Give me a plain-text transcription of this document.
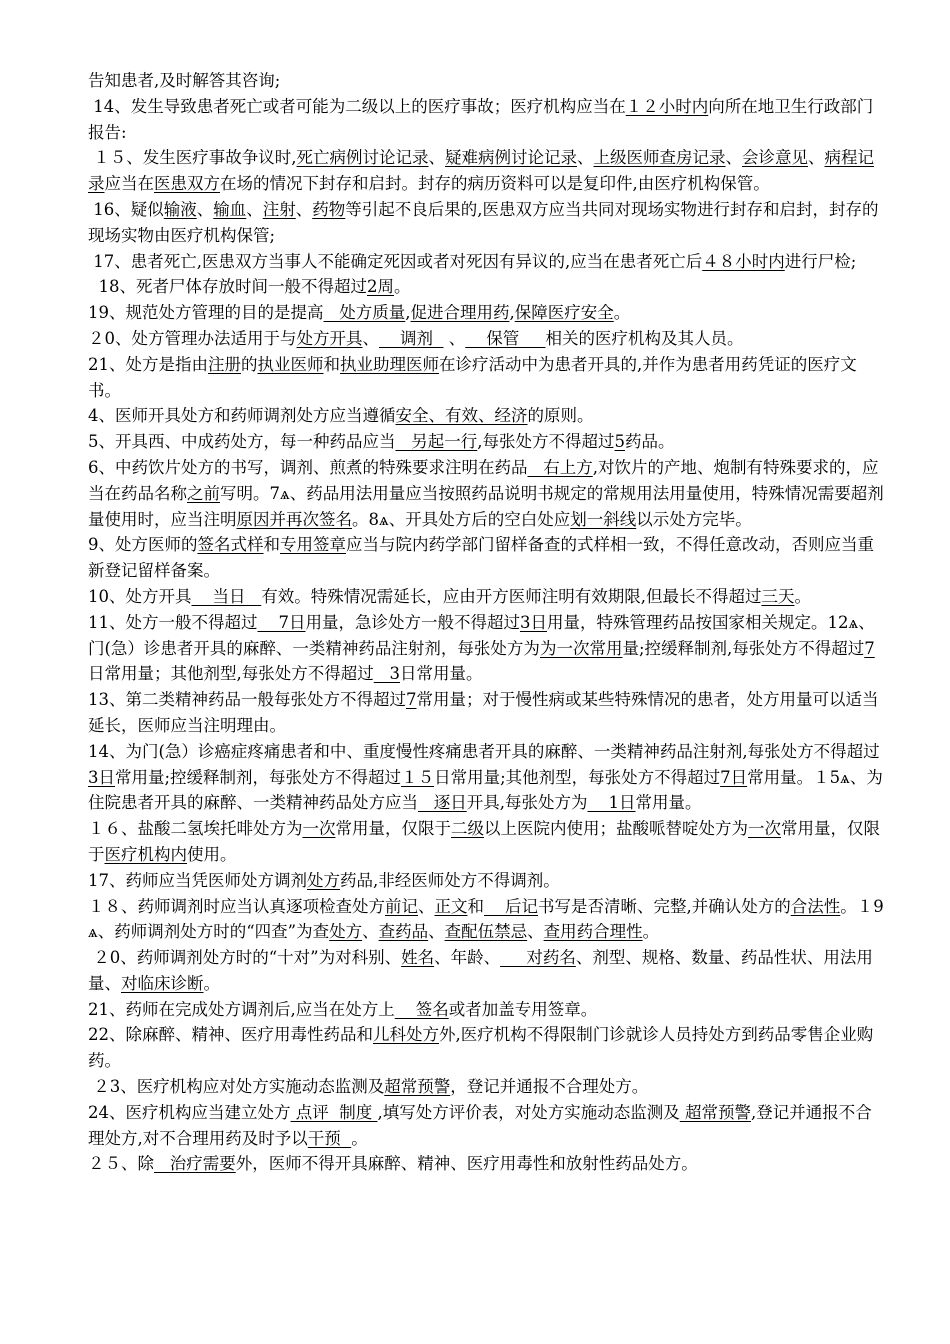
告知患者,及时解答其咨询;

14、发生导致患者死亡或者可能为二级以上的医疗事故；医疗机构应当在１２小时内向所在地卫生行政部门报告:

１５、发生医疗事故争议时,死亡病例讨论记录、疑难病例讨论记录、上级医师查房记录、会诊意见、病程记录应当在医患双方在场的情况下封存和启封。封存的病历资料可以是复印件,由医疗机构保管。

16、疑似输液、输血、注射、药物等引起不良后果的,医患双方应当共同对现场实物进行封存和启封，封存的现场实物由医疗机构保管;

17、患者死亡,医患双方当事人不能确定死因或者对死因有异议的,应当在患者死亡后４８小时内进行尸检;

18、死者尸体存放时间一般不得超过2周。

19、规范处方管理的目的是提高   处方质量,促进合理用药,保障医疗安全。

２0、处方管理办法适用于与处方开具、    调剂   、    保管     相关的医疗机构及其人员。

21、处方是指由注册的执业医师和执业助理医师在诊疗活动中为患者开具的,并作为患者用药凭证的医疗文书。

4、医师开具处方和药师调剂处方应当遵循安全、有效、经济的原则。

5、开具西、中成药处方，每一种药品应当   另起一行,每张处方不得超过5药品。

6、中药饮片处方的书写，调剂、煎煮的特殊要求注明在药品   右上方,对饮片的产地、炮制有特殊要求的，应当在药品名称之前写明。7ѧ、药品用法用量应当按照药品说明书规定的常规用法用量使用，特殊情况需要超剂量使用时，应当注明原因并再次签名。8ѧ、开具处方后的空白处应划一斜线以示处方完毕。

9、处方医师的签名式样和专用签章应当与院内药学部门留样备查的式样相一致，不得任意改动，否则应当重新登记留样备案。

10、处方开具    当日   有效。特殊情况需延长，应由开方医师注明有效期限,但最长不得超过三天。

11、处方一般不得超过    7日用量，急诊处方一般不得超过3日用量，特殊管理药品按国家相关规定。12ѧ、门(急）诊患者开具的麻醉、一类精神药品注射剂，每张处方为为一次常用量;控缓释制剂,每张处方不得超过7日常用量；其他剂型,每张处方不得超过   3日常用量。

13、第二类精神药品一般每张处方不得超过7常用量；对于慢性病或某些特殊情况的患者，处方用量可以适当延长，医师应当注明理由。

14、为门(急）诊癌症疼痛患者和中、重度慢性疼痛患者开具的麻醉、一类精神药品注射剂,每张处方不得超过3日常用量;控缓释制剂，每张处方不得超过１５日常用量;其他剂型，每张处方不得超过7日常用量。１5ѧ、为住院患者开具的麻醉、一类精神药品处方应当   逐日开具,每张处方为    1日常用量。

１６、盐酸二氢埃托啡处方为一次常用量，仅限于二级以上医院内使用；盐酸哌替啶处方为一次常用量，仅限于医疗机构内使用。

17、药师应当凭医师处方调剂处方药品,非经医师处方不得调剂。

１８、药师调剂时应当认真逐项检查处方前记、正文和    后记书写是否清晰、完整,并确认处方的合法性。１9ѧ、药师调剂处方时的“四查”为查处方、查药品、查配伍禁忌、查用药合理性。

２0、药师调剂处方时的“十对”为对科别、姓名、年龄、     对药名、剂型、规格、数量、药品性状、用法用量、对临床诊断。

21、药师在完成处方调剂后,应当在处方上    签名或者加盖专用签章。

22、除麻醉、精神、医疗用毒性药品和儿科处方外,医疗机构不得限制门诊就诊人员持处方到药品零售企业购药。

２3、医疗机构应对处方实施动态监测及超常预警，登记并通报不合理处方。

24、医疗机构应当建立处方 点评  制度 ,填写处方评价表，对处方实施动态监测及 超常预警,登记并通报不合理处方,对不合理用药及时予以干预  。

２５、除   治疗需要外，医师不得开具麻醉、精神、医疗用毒性和放射性药品处方。
